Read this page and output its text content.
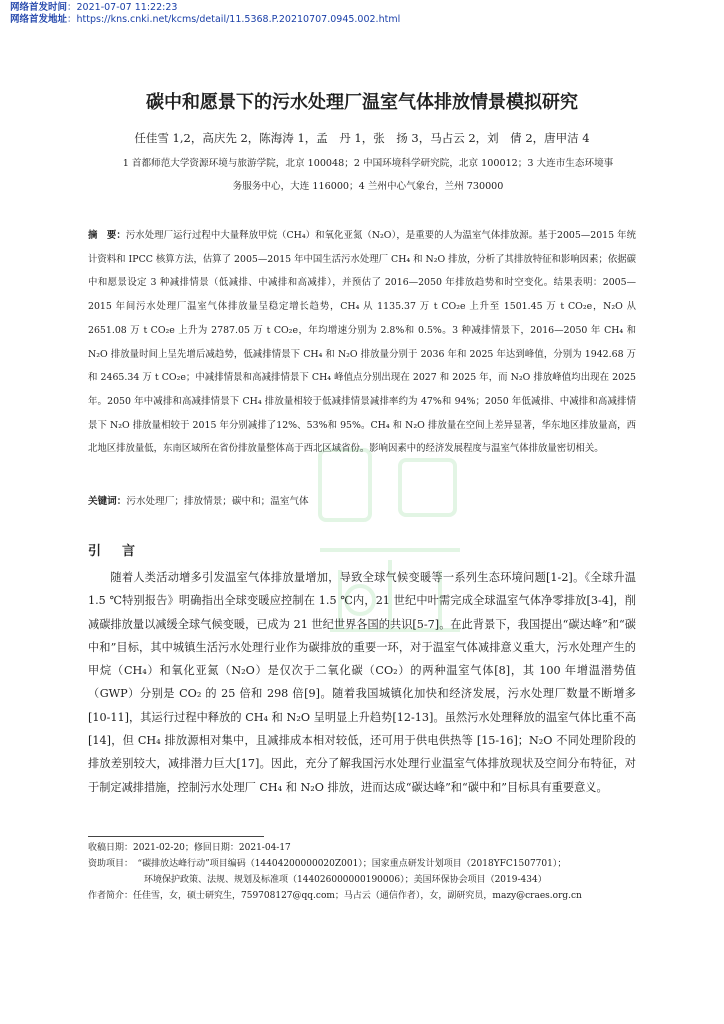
网络首发时间：2021-07-07 11:22:23
网络首发地址：https://kns.cnki.net/kcms/detail/11.5368.P.20210707.0945.002.html
碳中和愿景下的污水处理厂温室气体排放情景模拟研究
任佳雪 1,2，高庆先 2，陈海涛 1，孟　丹 1，张　扬 3，马占云 2，刘　倩 2，唐甲洁 4
1 首都师范大学资源环境与旅游学院，北京 100048；2 中国环境科学研究院，北京 100012；3 大连市生态环境事
务服务中心，大连 116000；4 兰州中心气象台，兰州 730000
摘　要：污水处理厂运行过程中大量释放甲烷（CH₄）和氧化亚氮（N₂O），是重要的人为温室气体排放源。基于2005—2015 年统计资料和 IPCC 核算方法，估算了 2005—2015 年中国生活污水处理厂 CH₄ 和 N₂O 排放，分析了其排放特征和影响因素；依据碳中和愿景设定 3 种减排情景（低减排、中减排和高减排），并预估了 2016—2050 年排放趋势和时空变化。结果表明：2005—2015 年间污水处理厂温室气体排放量呈稳定增长趋势，CH₄ 从 1135.37 万 t CO₂e 上升至 1501.45 万 t CO₂e，N₂O 从 2651.08 万 t CO₂e 上升为 2787.05 万 t CO₂e，年均增速分别为 2.8%和 0.5%。3 种减排情景下，2016—2050 年 CH₄ 和 N₂O 排放量时间上呈先增后减趋势，低减排情景下 CH₄ 和 N₂O 排放量分别于 2036 年和 2025 年达到峰值，分别为 1942.68 万和 2465.34 万 t CO₂e；中减排情景和高减排情景下 CH₄ 峰值点分别出现在 2027 和 2025 年，而 N₂O 排放峰值均出现在 2025 年。2050 年中减排和高减排情景下 CH₄ 排放量相较于低减排情景减排率约为 47%和 94%；2050 年低减排、中减排和高减排情景下 N₂O 排放量相较于 2015 年分别减排了12%、53%和 95%。CH₄ 和 N₂O 排放量在空间上差异显著，华东地区排放量高，西北地区排放量低，东南区域所在省份排放量整体高于西北区域省份。影响因素中的经济发展程度与温室气体排放量密切相关。
关键词：污水处理厂；排放情景；碳中和；温室气体
引　言
随着人类活动增多引发温室气体排放量增加，导致全球气候变暖等一系列生态环境问题[1-2]。《全球升温 1.5 ℃特别报告》明确指出全球变暖应控制在 1.5 ℃内，21 世纪中叶需完成全球温室气体净零排放[3-4]，削减碳排放量以减缓全球气候变暖，已成为 21 世纪世界各国的共识[5-7]。在此背景下，我国提出“碳达峰”和“碳中和”目标，其中城镇生活污水处理行业作为碳排放的重要一环，对于温室气体减排意义重大，污水处理产生的甲烷（CH₄）和氧化亚氮（N₂O）是仅次于二氧化碳（CO₂）的两种温室气体[8]，其 100 年增温潜势值（GWP）分别是 CO₂ 的 25 倍和 298 倍[9]。随着我国城镇化加快和经济发展，污水处理厂数量不断增多[10-11]，其运行过程中释放的 CH₄ 和 N₂O 呈明显上升趋势[12-13]。虽然污水处理释放的温室气体比重不高[14]，但 CH₄ 排放源相对集中，且减排成本相对较低，还可用于供电供热等 [15-16]；N₂O 不同处理阶段的排放差别较大，减排潜力巨大[17]。因此，充分了解我国污水处理行业温室气体排放现状及空间分布特征，对于制定减排措施，控制污水处理厂 CH₄ 和 N₂O 排放，进而达成“碳达峰”和“碳中和”目标具有重要意义。
收稿日期：2021-02-20；修回日期：2021-04-17
资助项目：　“碳排放达峰行动”项目编码（14404200000020Z001）；国家重点研发计划项目（2018YFC1507701）；
环境保护政策、法规、规划及标准项（144026000000190006）；美国环保协会项目（2019-434）
作者简介：任佳雪，女，硕士研究生，759708127@qq.com；马占云（通信作者），女，副研究员，mazy@craes.org.cn
